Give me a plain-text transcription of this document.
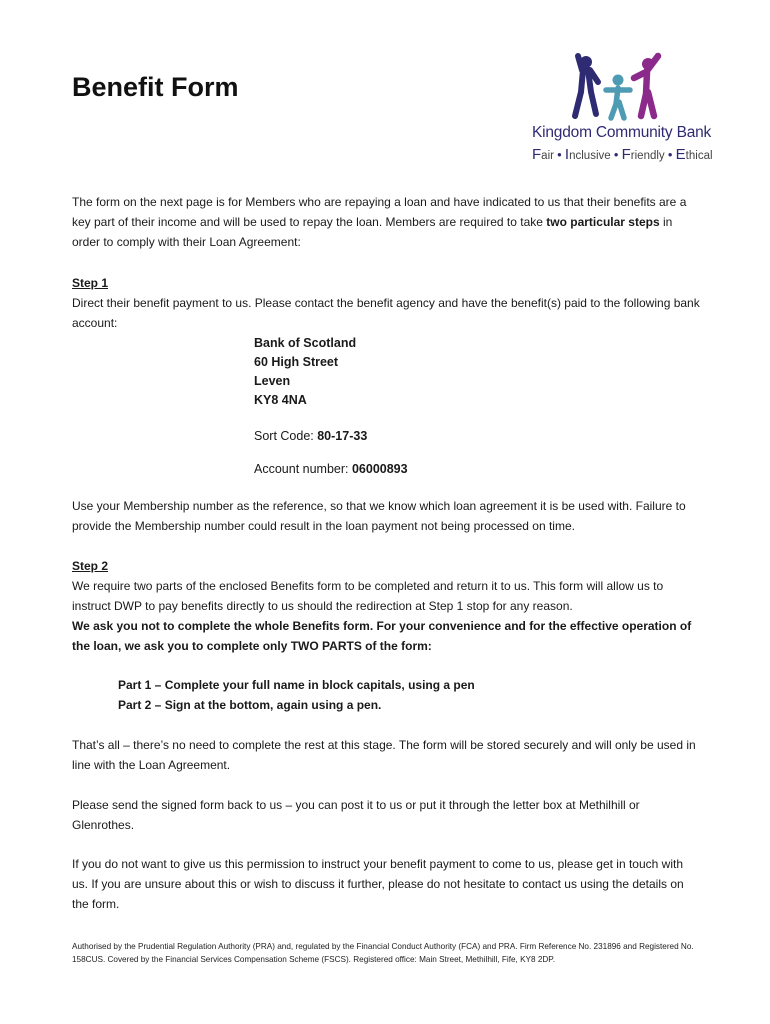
Benefit Form
Kingdom Community Bank
Fair • Inclusive • Friendly • Ethical

The form on the next page is for Members who are repaying a loan and have indicated to us that their benefits are a key part of their income and will be used to repay the loan. Members are required to take two particular steps in order to comply with their Loan Agreement:

Step 1

Direct their benefit payment to us. Please contact the benefit agency and have the benefit(s) paid to the following bank account:

Bank of Scotland
60 High Street
Leven
KY8 4NA
Sort Code: 80-17-33
Account number: 06000893

Use your Membership number as the reference, so that we know which loan agreement it is be used with. Failure to provide the Membership number could result in the loan payment not being processed on time.

Step 2

We require two parts of the enclosed Benefits form to be completed and return it to us. This form will allow us to instruct DWP to pay benefits directly to us should the redirection at Step 1 stop for any reason.

We ask you not to complete the whole Benefits form. For your convenience and for the effective operation of the loan, we ask you to complete only TWO PARTS of the form:

Part 1 – Complete your full name in block capitals, using a pen
Part 2 – Sign at the bottom, again using a pen.

That’s all – there’s no need to complete the rest at this stage. The form will be stored securely and will only be used in line with the Loan Agreement.

Please send the signed form back to us – you can post it to us or put it through the letter box at Methilhill or Glenrothes.

If you do not want to give us this permission to instruct your benefit payment to come to us, please get in touch with us. If you are unsure about this or wish to discuss it further, please do not hesitate to contact us using the details on the form.

Authorised by the Prudential Regulation Authority (PRA) and, regulated by the Financial Conduct Authority (FCA) and PRA. Firm Reference No. 231896 and Registered No. 158CUS. Covered by the Financial Services Compensation Scheme (FSCS). Registered office: Main Street, Methilhill, Fife, KY8 2DP.
